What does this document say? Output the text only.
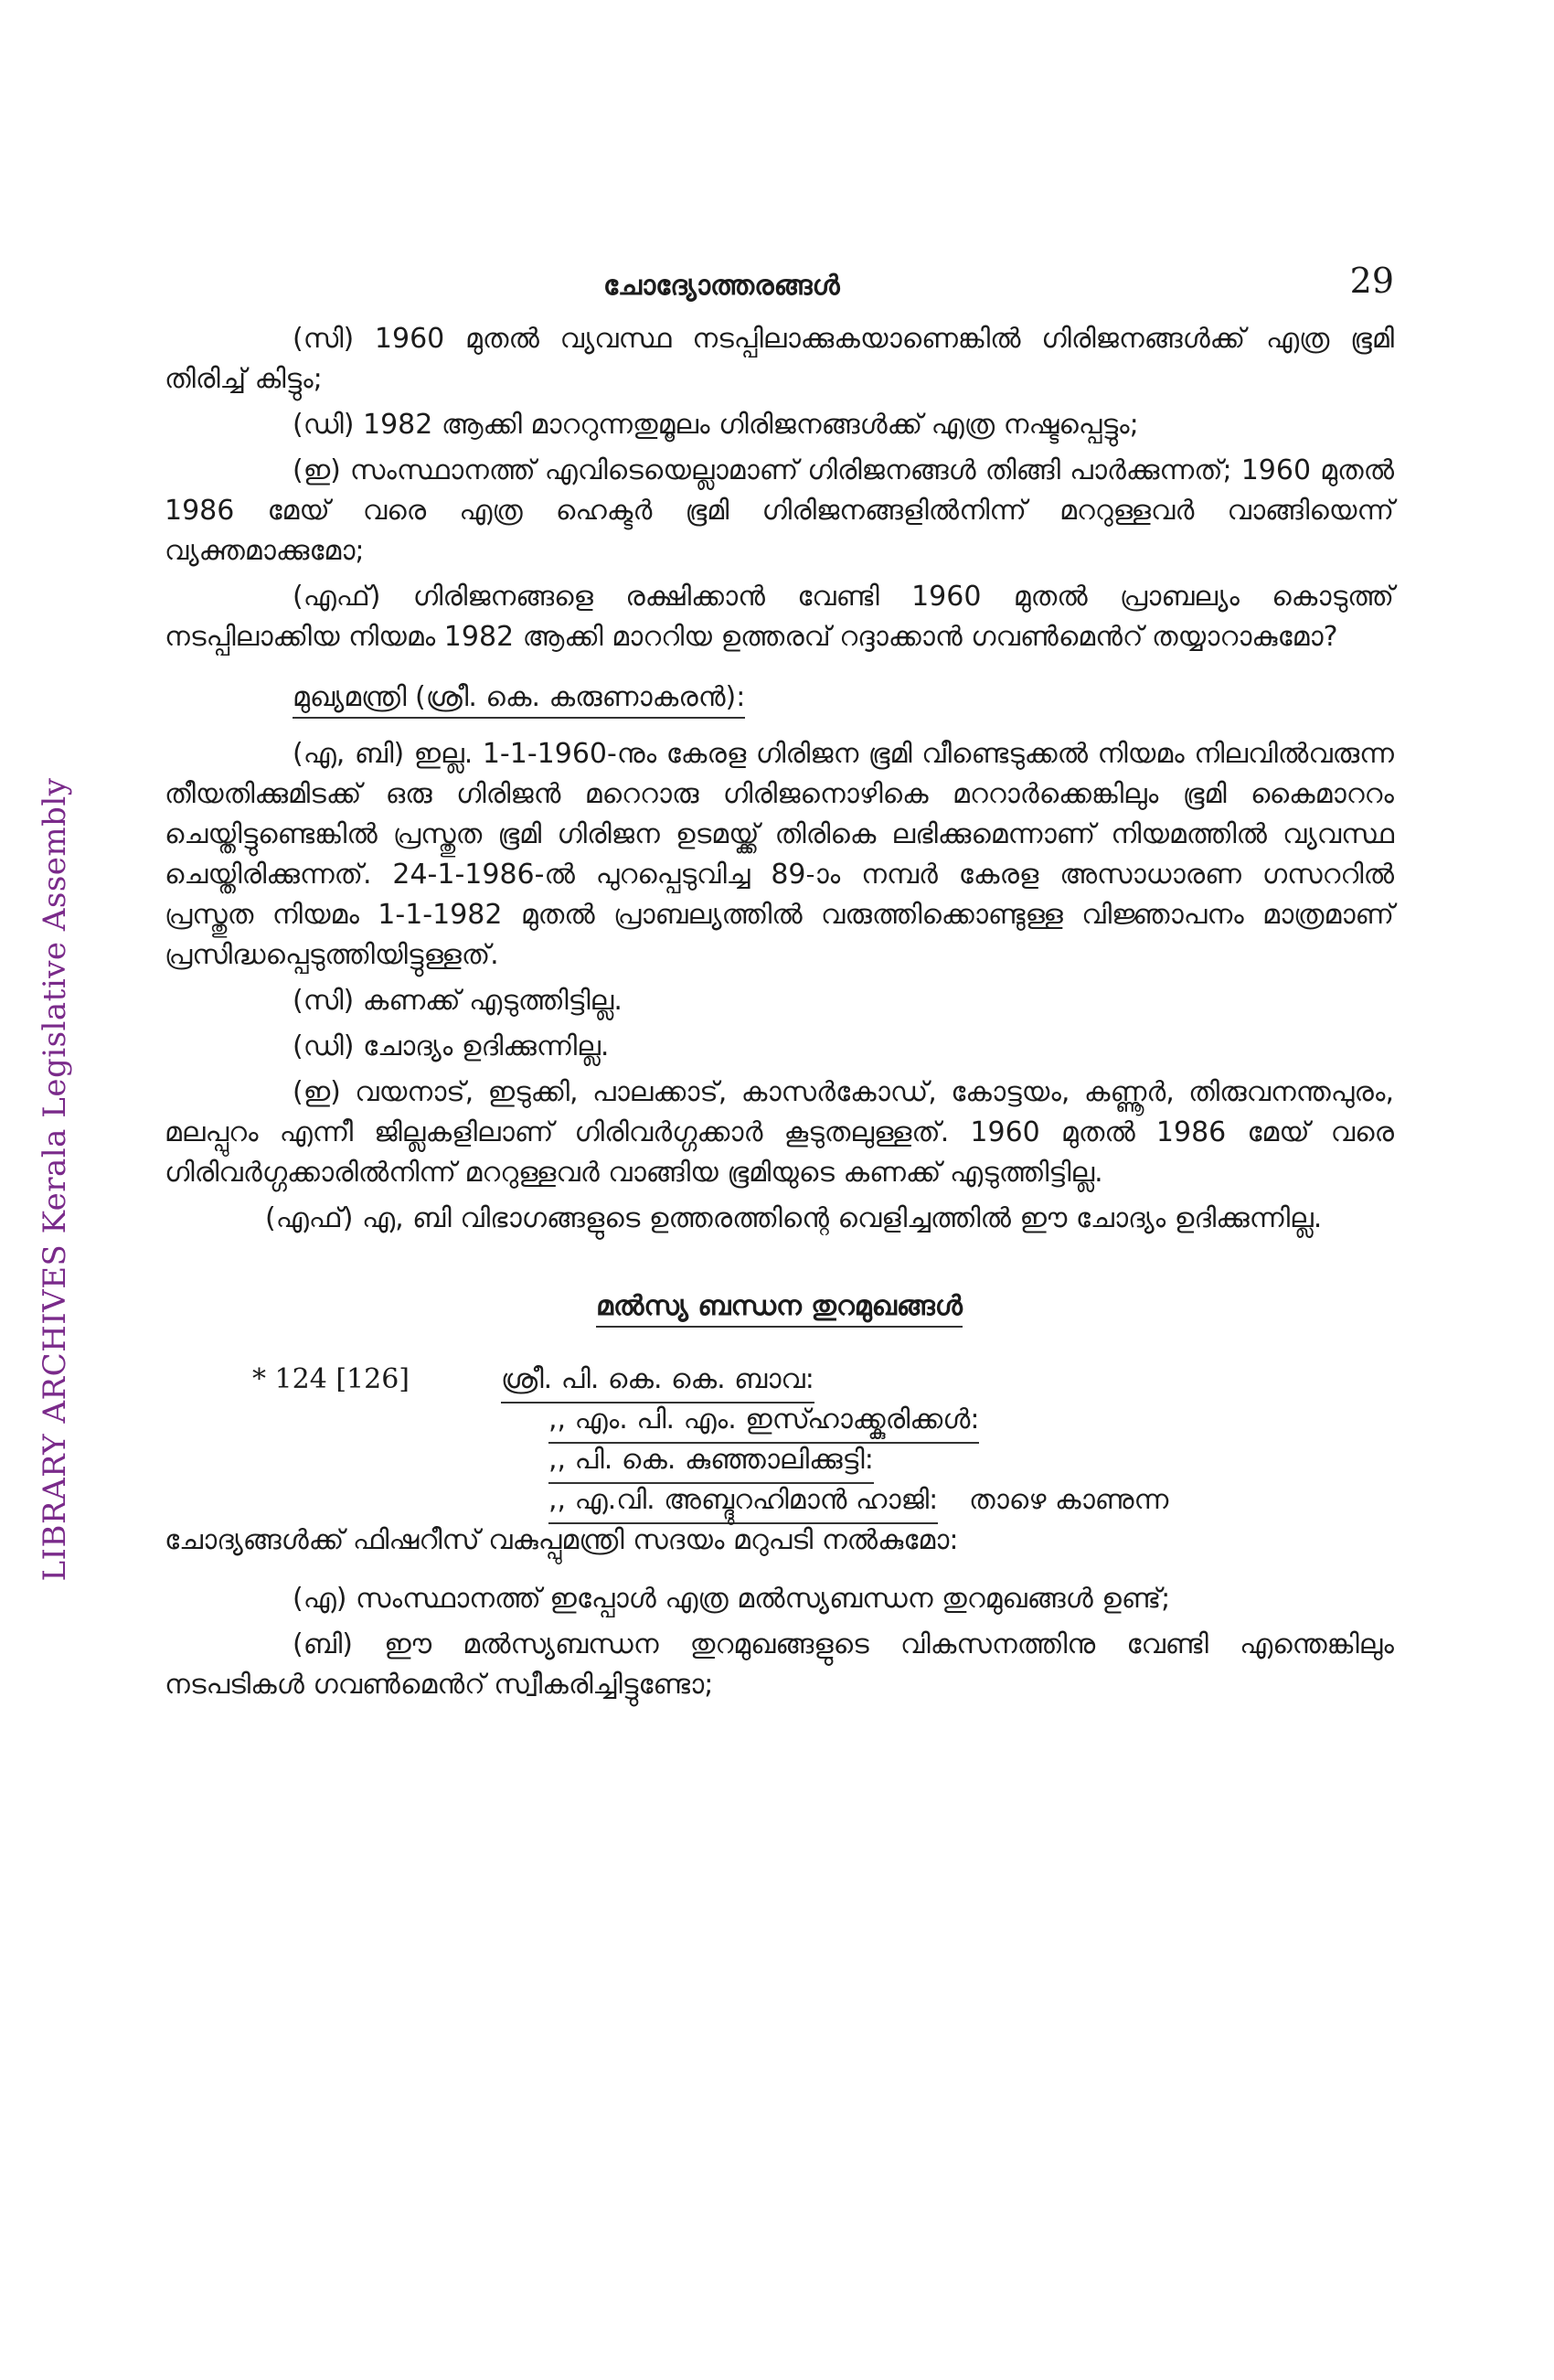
LIBRARY ARCHIVES Kerala Legislative Assembly
ചോദ്യോത്തരങ്ങൾ	29

(സി) 1960 മുതൽ വ്യവസ്ഥ നടപ്പിലാക്കുകയാണെങ്കിൽ ഗിരിജനങ്ങൾക്ക് എത്ര ഭൂമി തിരിച്ച് കിട്ടും;

(ഡി) 1982 ആക്കി മാററുന്നതുമൂലം ഗിരിജനങ്ങൾക്ക് എത്ര നഷ്ടപ്പെട്ടും;

(ഇ) സംസ്ഥാനത്ത് എവിടെയെല്ലാമാണ് ഗിരിജനങ്ങൾ തിങ്ങി പാർക്കുന്നത്; 1960 മുതൽ 1986 മേയ് വരെ എത്ര ഹെക്ടർ ഭൂമി ഗിരിജനങ്ങളിൽനിന്ന് മററുള്ളവർ വാങ്ങിയെന്ന് വ്യക്തമാക്കുമോ;

(എഫ്) ഗിരിജനങ്ങളെ രക്ഷിക്കാൻ വേണ്ടി 1960 മുതൽ പ്രാബല്യം കൊടുത്ത് നടപ്പിലാക്കിയ നിയമം 1982 ആക്കി മാററിയ ഉത്തരവ് റദ്ദാക്കാൻ ഗവൺമെൻറ് തയ്യാറാകുമോ?

മുഖ്യമന്ത്രി (ശ്രീ. കെ. കരുണാകരൻ):

(എ, ബി) ഇല്ല. 1-1-1960-നും കേരള ഗിരിജന ഭൂമി വീണ്ടെടുക്കൽ നിയമം നിലവിൽവരുന്ന തീയതിക്കുമിടക്ക് ഒരു ഗിരിജൻ മറെറാരു ഗിരിജനൊഴികെ മററാർക്കെങ്കിലും ഭൂമി കൈമാററം ചെയ്തിട്ടുണ്ടെങ്കിൽ പ്രസ്തുത ഭൂമി ഗിരിജന ഉടമയ്ക്ക് തിരികെ ലഭിക്കുമെന്നാണ് നിയമത്തിൽ വ്യവസ്ഥ ചെയ്തിരിക്കുന്നത്. 24-1-1986-ൽ പുറപ്പെടുവിച്ച 89-ാം നമ്പർ കേരള അസാധാരണ ഗസററിൽ പ്രസ്തുത നിയമം 1-1-1982 മുതൽ പ്രാബല്യത്തിൽ വരുത്തിക്കൊണ്ടുള്ള വിജ്ഞാപനം മാത്രമാണ് പ്രസിദ്ധപ്പെടുത്തിയിട്ടുള്ളത്.

(സി) കണക്ക് എടുത്തിട്ടില്ല.

(ഡി) ചോദ്യം ഉദിക്കുന്നില്ല.

(ഇ) വയനാട്, ഇടുക്കി, പാലക്കാട്, കാസർകോഡ്, കോട്ടയം, കണ്ണൂർ, തിരുവനന്തപുരം, മലപ്പുറം എന്നീ ജില്ലകളിലാണ് ഗിരിവർഗ്ഗക്കാർ കൂടുതലുള്ളത്. 1960 മുതൽ 1986 മേയ് വരെ ഗിരിവർഗ്ഗക്കാരിൽനിന്ന് മററുള്ളവർ വാങ്ങിയ ഭൂമിയുടെ കണക്ക് എടുത്തിട്ടില്ല.

(എഫ്) എ, ബി വിഭാഗങ്ങളുടെ ഉത്തരത്തിന്റെ വെളിച്ചത്തിൽ ഈ ചോദ്യം ഉദിക്കുന്നില്ല.

മൽസ്യ ബന്ധന തുറമുഖങ്ങൾ
* 124 [126]	ശ്രീ. പി. കെ. കെ. ബാവ:
,, എം. പി. എം. ഇസ്ഹാക്ക്കുരിക്കൾ:
,, പി. കെ. കുഞ്ഞാലിക്കുട്ടി:
,, എ.വി. അബ്ദുറഹിമാൻ ഹാജി: താഴെ കാണുന്ന

ചോദ്യങ്ങൾക്ക് ഫിഷറീസ് വകുപ്പുമന്ത്രി സദയം മറുപടി നൽകുമോ:

(എ) സംസ്ഥാനത്ത് ഇപ്പോൾ എത്ര മൽസ്യബന്ധന തുറമുഖങ്ങൾ ഉണ്ട്;

(ബി) ഈ മൽസ്യബന്ധന തുറമുഖങ്ങളുടെ വികസനത്തിനു വേണ്ടി എന്തെങ്കിലും നടപടികൾ ഗവൺമെൻറ് സ്വീകരിച്ചിട്ടുണ്ടോ;
